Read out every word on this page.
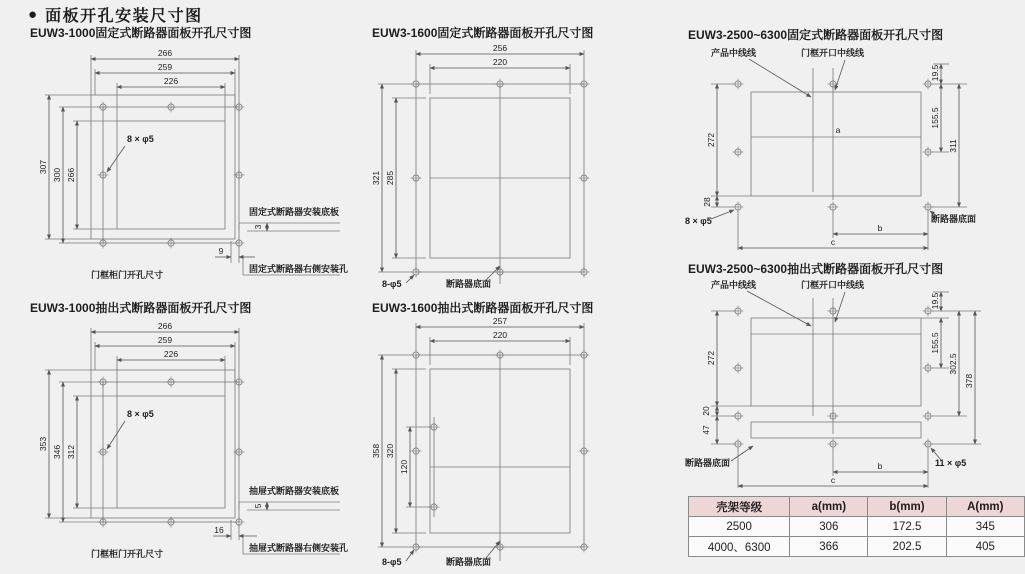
● 面板开孔安装尺寸图
EUW3-1000固定式断路器面板开孔尺寸图	EUW3-1600固定式断路器面板开孔尺寸图	EUW3-2500~6300固定式断路器面板开孔尺寸图
EUW3-1000抽出式断路器面板开孔尺寸图	EUW3-1600抽出式断路器面板开孔尺寸图
EUW3-2500~6300抽出式断路器面板开孔尺寸图
266
259
226
307
300 266
3
9
8 × φ5
固定式断路器安装底板
固定式断路器右侧安装孔
门框柜门开孔尺寸
256
220
321 285
8-φ5	断路器底面
272
28
19.5
155.5
311
b
c
a
产品中线线	门框开口中线线
8 × φ5	断路器底面
266
259
226
353
346 312
5
16
8 × φ5
抽屉式断路器安装底板
抽屉式断路器右侧安装孔
门框柜门开孔尺寸
257
220
358 320
120
8-φ5	断路器底面
272
20
47
19.5
155.5
302.5
378
b
c
产品中线线	门框开口中线线
断路器底面	11 × φ5
壳架等级	a(mm)	b(mm)	A(mm)
2500	306	172.5	345
4000、6300	366	202.5	405
